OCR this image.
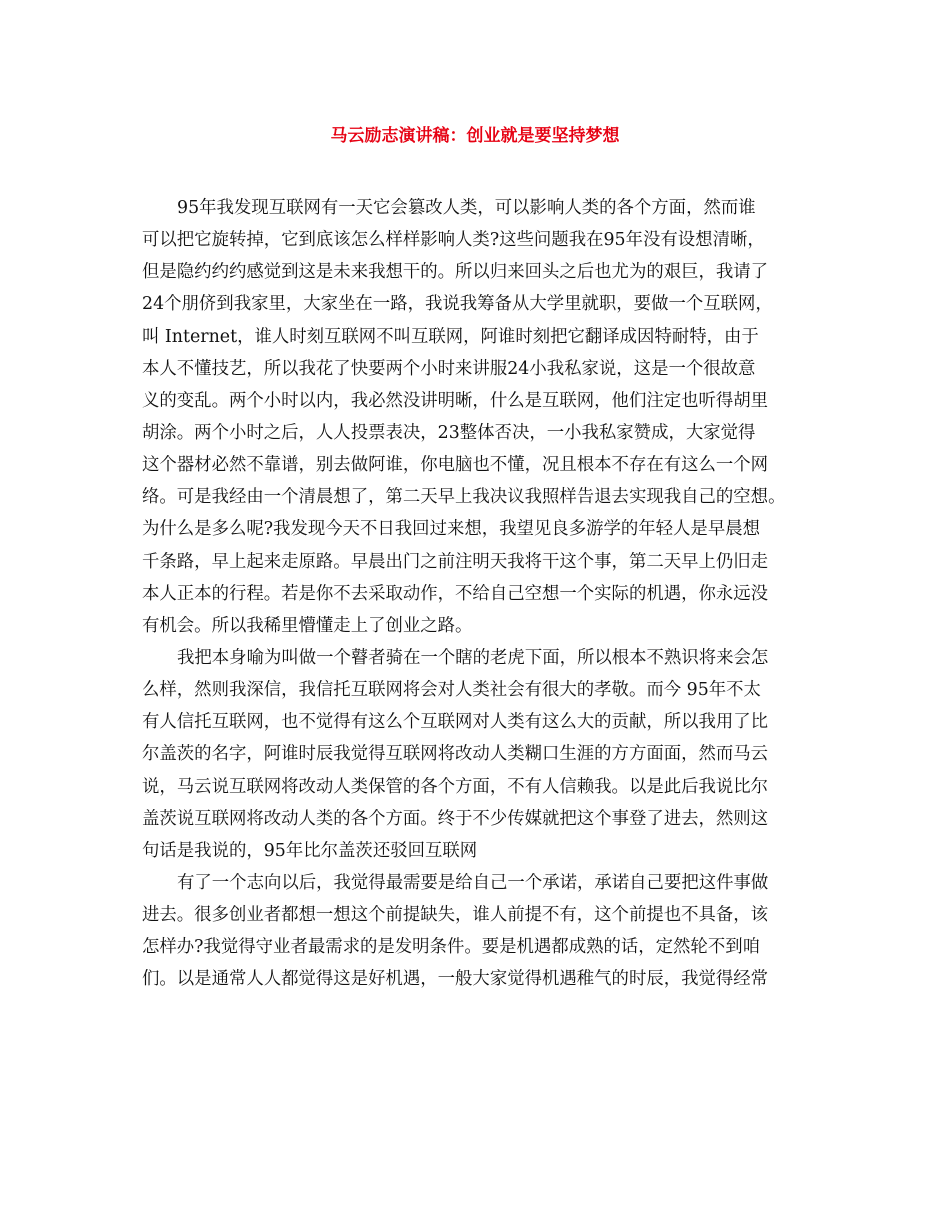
马云励志演讲稿：创业就是要坚持梦想

95年我发现互联网有一天它会篡改人类，可以影响人类的各个方面，然而谁
可以把它旋转掉，它到底该怎么样样影响人类?这些问题我在95年没有设想清晰，
但是隐约约约感觉到这是未来我想干的。所以归来回头之后也尤为的艰巨，我请了
24个朋侪到我家里，大家坐在一路，我说我筹备从大学里就职，要做一个互联网，
叫 Internet，谁人时刻互联网不叫互联网，阿谁时刻把它翻译成因特耐特，由于
本人不懂技艺，所以我花了快要两个小时来讲服24小我私家说，这是一个很故意
义的变乱。两个小时以内，我必然没讲明晰，什么是互联网，他们注定也听得胡里
胡涂。两个小时之后，人人投票表决，23整体否决，一小我私家赞成，大家觉得
这个器材必然不靠谱，别去做阿谁，你电脑也不懂，况且根本不存在有这么一个网
络。可是我经由一个清晨想了，第二天早上我决议我照样告退去实现我自己的空想。
为什么是多么呢?我发现今天不日我回过来想，我望见良多游学的年轻人是早晨想
千条路，早上起来走原路。早晨出门之前注明天我将干这个事，第二天早上仍旧走
本人正本的行程。若是你不去采取动作，不给自己空想一个实际的机遇，你永远没
有机会。所以我稀里懵懂走上了创业之路。

我把本身喻为叫做一个瞽者骑在一个瞎的老虎下面，所以根本不熟识将来会怎
么样，然则我深信，我信托互联网将会对人类社会有很大的孝敬。而今 95年不太
有人信托互联网，也不觉得有这么个互联网对人类有这么大的贡献，所以我用了比
尔盖茨的名字，阿谁时辰我觉得互联网将改动人类糊口生涯的方方面面，然而马云
说，马云说互联网将改动人类保管的各个方面，不有人信赖我。以是此后我说比尔
盖茨说互联网将改动人类的各个方面。终于不少传媒就把这个事登了进去，然则这
句话是我说的，95年比尔盖茨还驳回互联网

有了一个志向以后，我觉得最需要是给自己一个承诺，承诺自己要把这件事做
进去。很多创业者都想一想这个前提缺失，谁人前提不有，这个前提也不具备，该
怎样办?我觉得守业者最需求的是发明条件。要是机遇都成熟的话，定然轮不到咱
们。以是通常人人都觉得这是好机遇，一般大家觉得机遇稚气的时辰，我觉得经常
